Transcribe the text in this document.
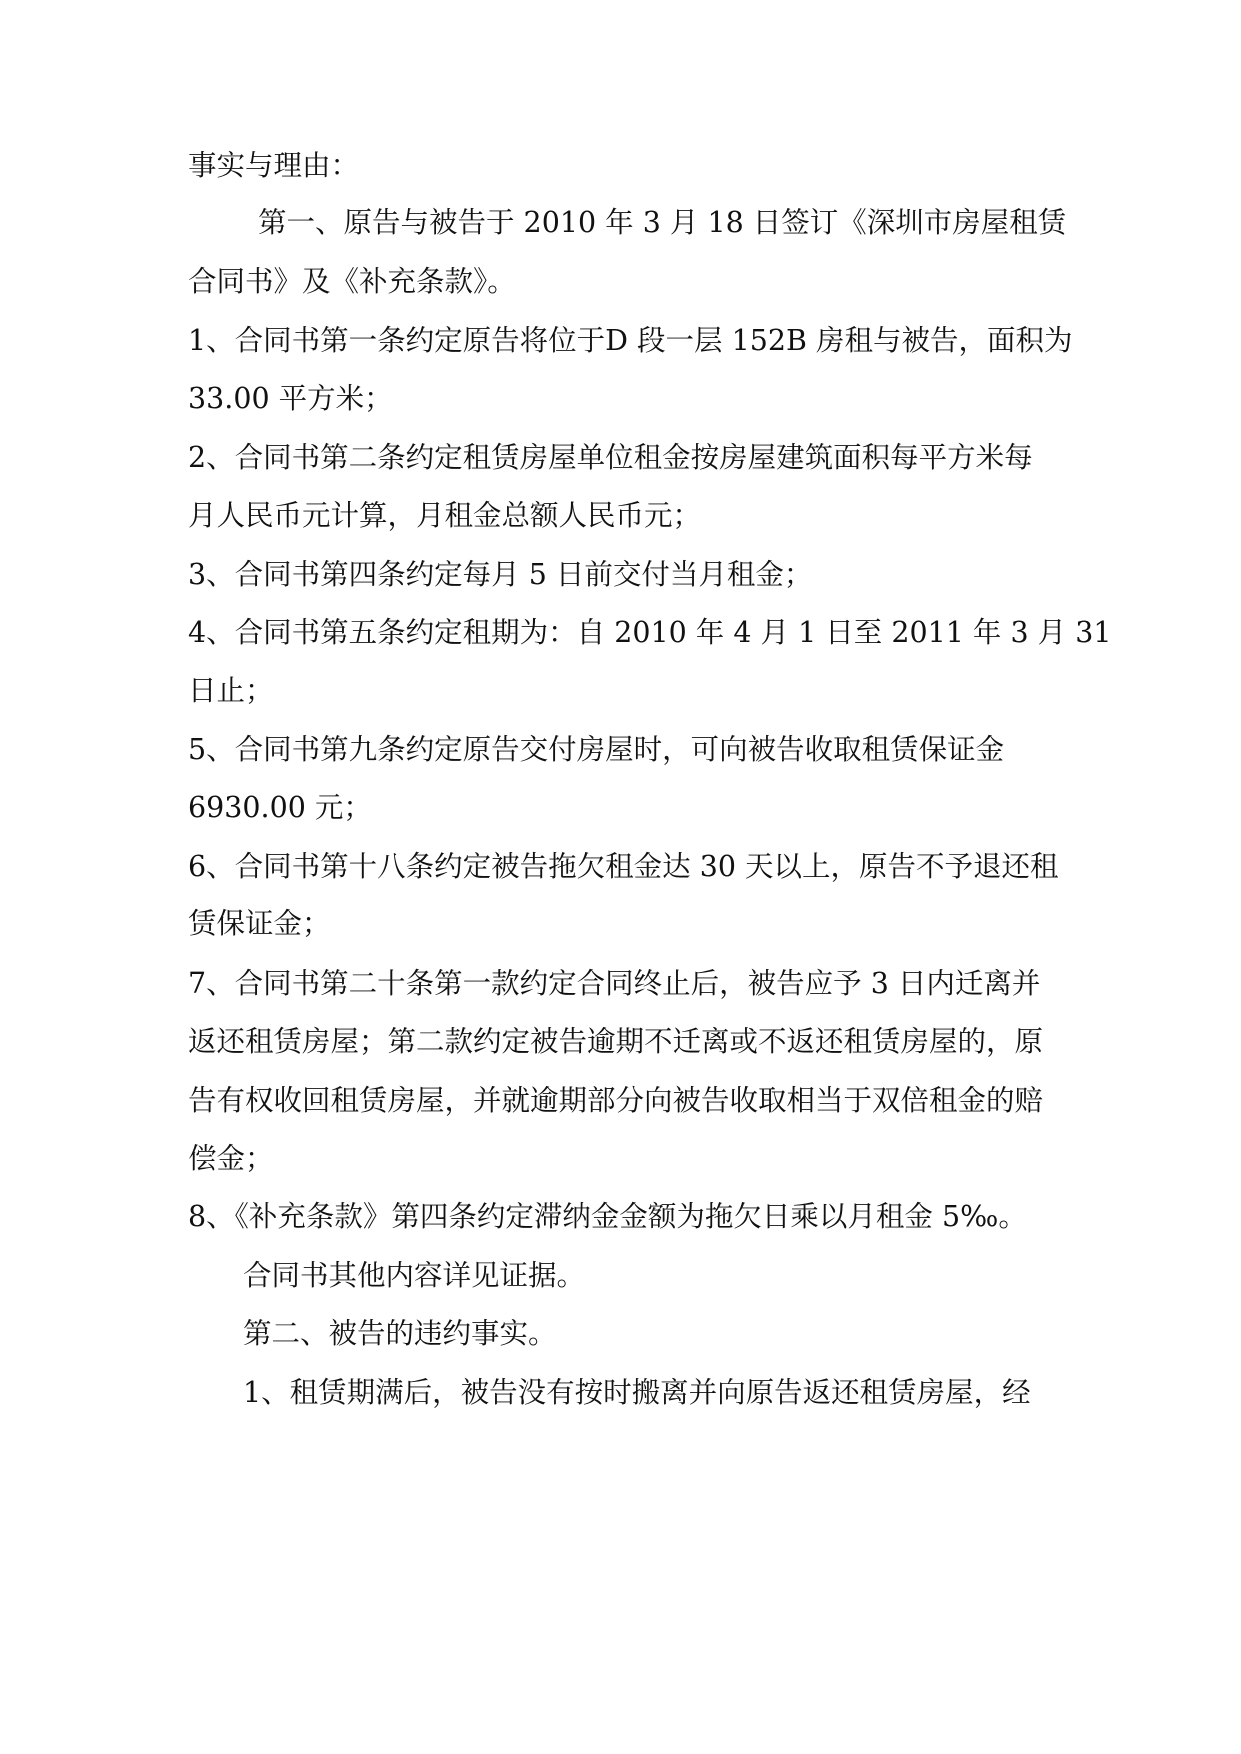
事实与理由：

第一、原告与被告于 2010 年 3 月 18 日签订《深圳市房屋租赁

合同书》及《补充条款》。

1、合同书第一条约定原告将位于D 段一层 152B 房租与被告，面积为

33.00 平方米；

2、合同书第二条约定租赁房屋单位租金按房屋建筑面积每平方米每

月人民币元计算，月租金总额人民币元；

3、合同书第四条约定每月 5 日前交付当月租金；

4、合同书第五条约定租期为：自 2010 年 4 月 1 日至 2011 年 3 月 31

日止；

5、合同书第九条约定原告交付房屋时，可向被告收取租赁保证金

6930.00 元；

6、合同书第十八条约定被告拖欠租金达 30 天以上，原告不予退还租

赁保证金；

7、合同书第二十条第一款约定合同终止后，被告应予 3 日内迁离并

返还租赁房屋；第二款约定被告逾期不迁离或不返还租赁房屋的，原

告有权收回租赁房屋，并就逾期部分向被告收取相当于双倍租金的赔

偿金；

8、《补充条款》第四条约定滞纳金金额为拖欠日乘以月租金 5‰。

合同书其他内容详见证据。

第二、被告的违约事实。

1、租赁期满后，被告没有按时搬离并向原告返还租赁房屋，经
